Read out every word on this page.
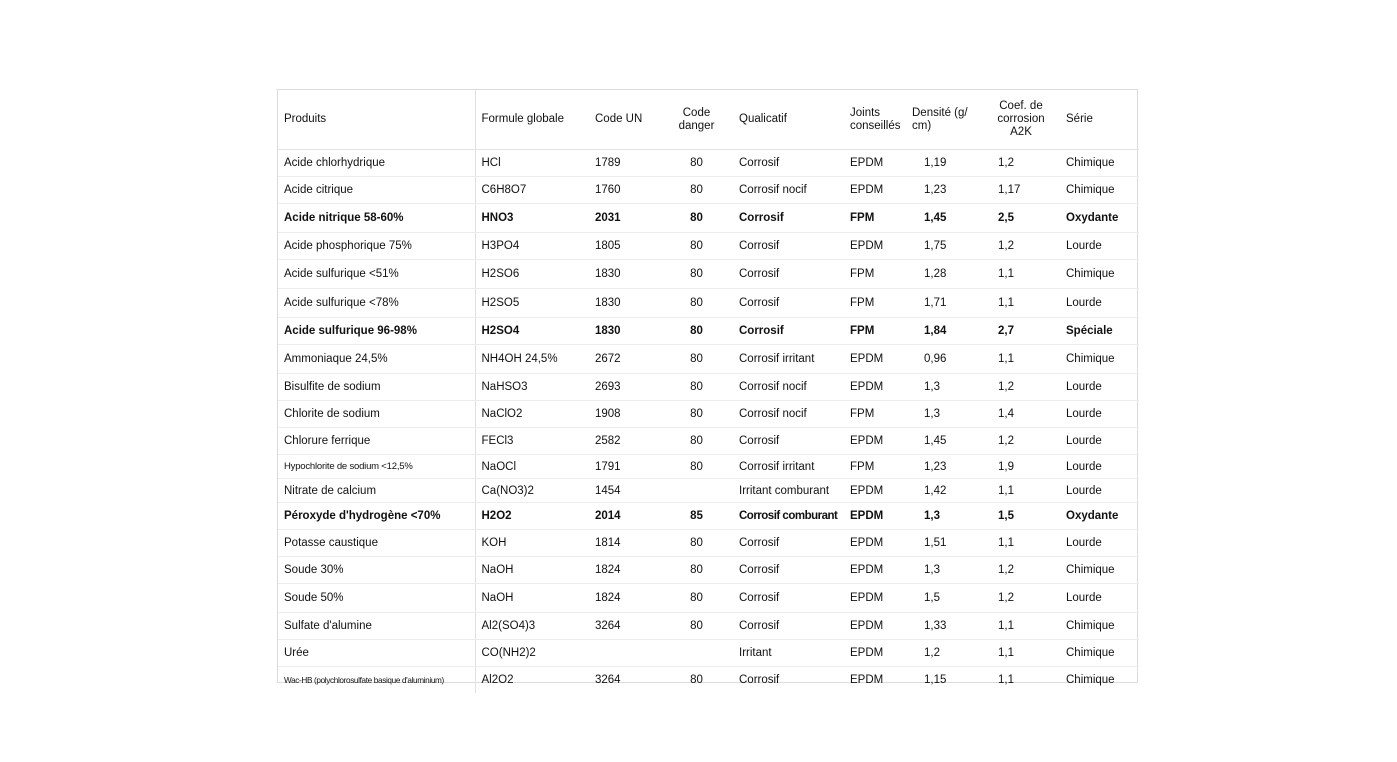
Produits	Formule globale	Code UN	Code danger	Qualicatif	Joints conseillés	Densité (g/ cm)	Coef. de corrosion A2K	Série
Acide chlorhydrique	HCl	1789	80	Corrosif	EPDM	1,19	1,2	Chimique
Acide citrique	C6H8O7	1760	80	Corrosif nocif	EPDM	1,23	1,17	Chimique
Acide nitrique 58-60%	HNO3	2031	80	Corrosif	FPM	1,45	2,5	Oxydante
Acide phosphorique 75%	H3PO4	1805	80	Corrosif	EPDM	1,75	1,2	Lourde
Acide sulfurique <51%	H2SO6	1830	80	Corrosif	FPM	1,28	1,1	Chimique
Acide sulfurique <78%	H2SO5	1830	80	Corrosif	FPM	1,71	1,1	Lourde
Acide sulfurique 96-98%	H2SO4	1830	80	Corrosif	FPM	1,84	2,7	Spéciale
Ammoniaque 24,5%	NH4OH 24,5%	2672	80	Corrosif irritant	EPDM	0,96	1,1	Chimique
Bisulfite de sodium	NaHSO3	2693	80	Corrosif nocif	EPDM	1,3	1,2	Lourde
Chlorite de sodium	NaClO2	1908	80	Corrosif nocif	FPM	1,3	1,4	Lourde
Chlorure ferrique	FECl3	2582	80	Corrosif	EPDM	1,45	1,2	Lourde
Hypochlorite de sodium <12,5%	NaOCl	1791	80	Corrosif irritant	FPM	1,23	1,9	Lourde
Nitrate de calcium	Ca(NO3)2	1454		Irritant comburant	EPDM	1,42	1,1	Lourde
Péroxyde d'hydrogène <70%	H2O2	2014	85	Corrosif comburant	EPDM	1,3	1,5	Oxydante
Potasse caustique	KOH	1814	80	Corrosif	EPDM	1,51	1,1	Lourde
Soude 30%	NaOH	1824	80	Corrosif	EPDM	1,3	1,2	Chimique
Soude 50%	NaOH	1824	80	Corrosif	EPDM	1,5	1,2	Lourde
Sulfate d'alumine	Al2(SO4)3	3264	80	Corrosif	EPDM	1,33	1,1	Chimique
Urée	CO(NH2)2			Irritant	EPDM	1,2	1,1	Chimique
Wac-HB (polychlorosulfate basique d'aluminium)	Al2O2	3264	80	Corrosif	EPDM	1,15	1,1	Chimique
